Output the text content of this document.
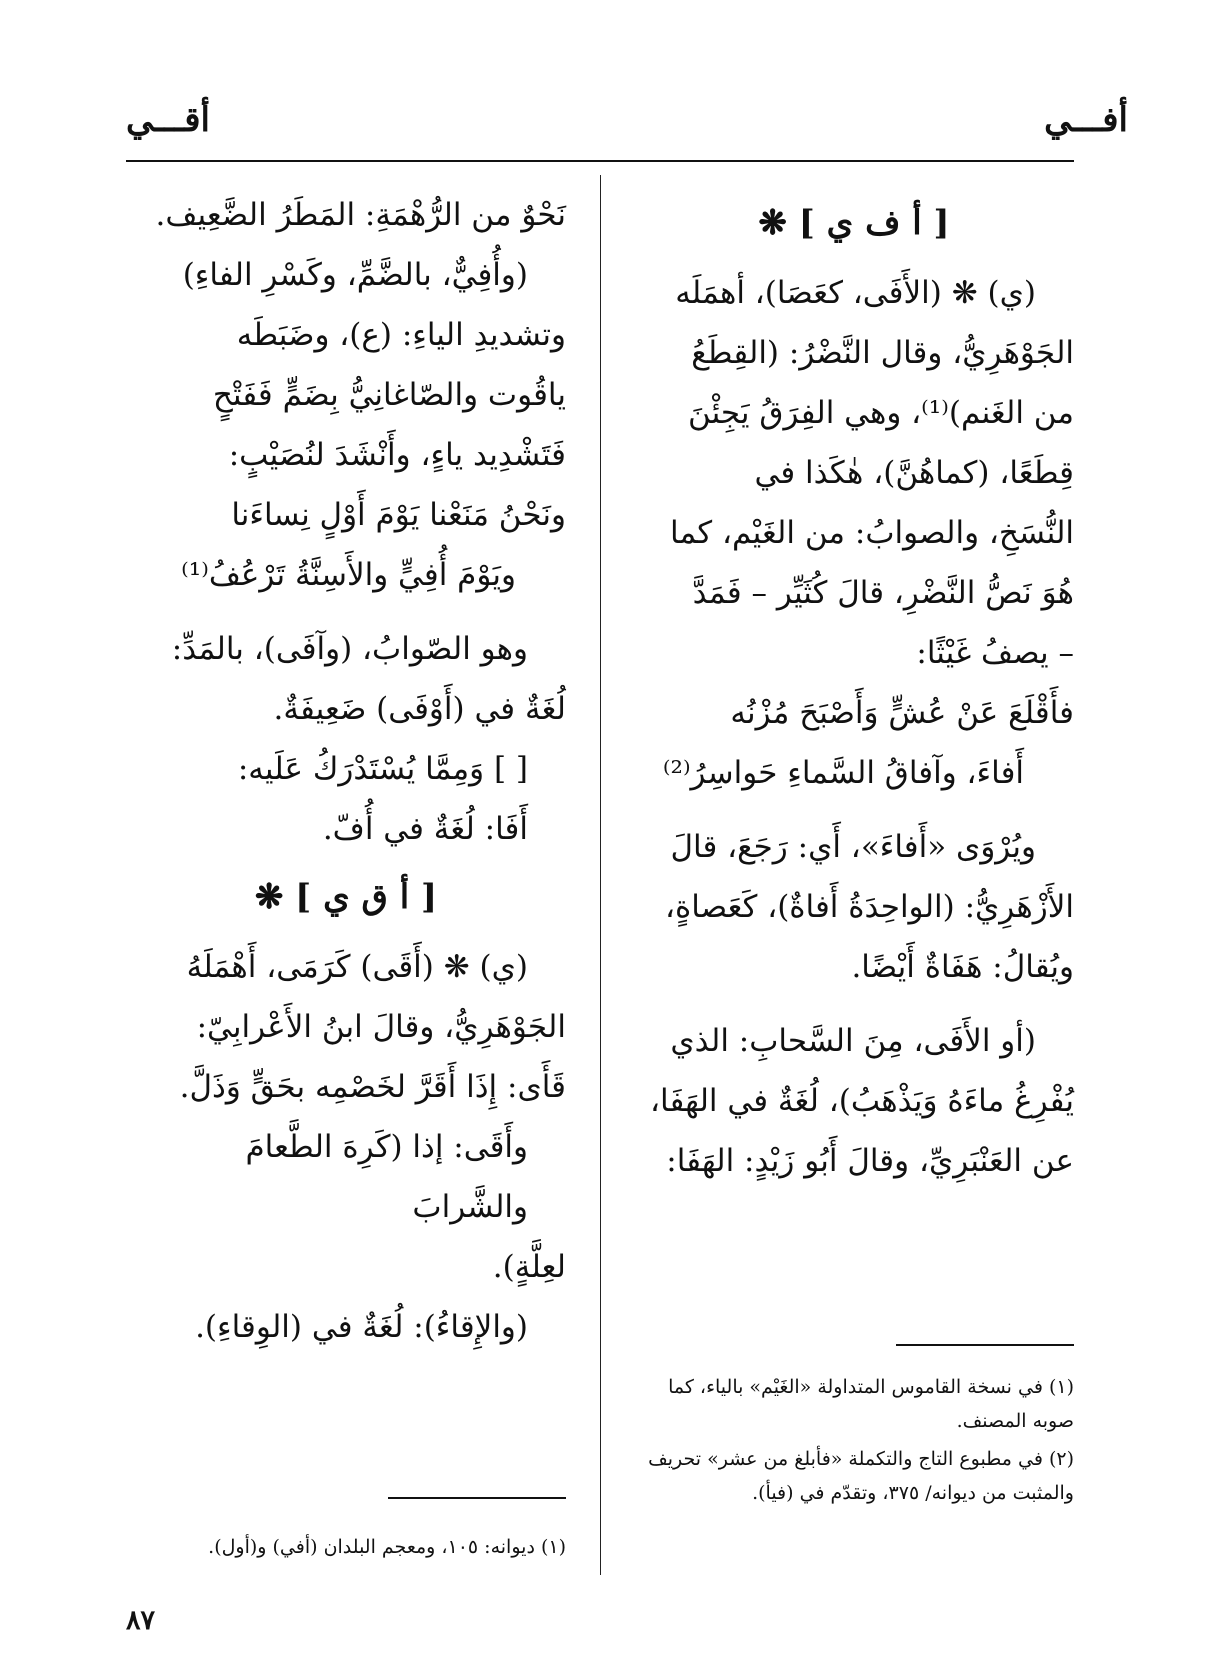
أفـــي
أقـــي
[ أ ف ي ] ❋

(ي) ❋ (الأَفَى، كعَصَا)، أهمَلَه

الجَوْهَرِيُّ، وقال النَّضْرُ: (القِطَعُ

من الغَنم)⁽¹⁾، وهي الفِرَقُ يَجِئْنَ

قِطَعًا، (كماهُنَّ)، هٰكَذا في

النُّسَخِ، والصوابُ: من الغَيْم، كما

هُوَ نَصُّ النَّضْرِ، قالَ كُثَيِّر – فَمَدَّ

– يصفُ غَيْثًا:

فأَقْلَعَ عَنْ عُشٍّ وَأَصْبَحَ مُزْنُه

أَفاءَ، وآفاقُ السَّماءِ حَواسِرُ⁽²⁾

ويُرْوَى «أَفاءَ»، أَي: رَجَعَ، قالَ

الأَزْهَرِيُّ: (الواحِدَةُ أَفاةٌ)، كَعَصاةٍ،

ويُقالُ: هَفَاةٌ أَيْضًا.

(أو الأَفَى، مِنَ السَّحابِ: الذي

يُفْرِغُ ماءَهُ وَيَذْهَبُ)، لُغَةٌ في الهَفَا،

عن العَنْبَرِيِّ، وقالَ أَبُو زَيْدٍ: الهَفَا:

(١) في نسخة القاموس المتداولة «الغَيْم» بالياء، كما صوبه المصنف.

(٢) في مطبوع التاج والتكملة «فأبلغ من عشر» تحريف والمثبت من ديوانه/ ٣٧٥، وتقدّم في (فيأ).

نَحْوٌ من الرُّهْمَةِ: المَطَرُ الضَّعِيف.

(وأُفِيٌّ، بالضَّمِّ، وكَسْرِ الفاءِ)

وتشديدِ الياءِ: (ع)، وضَبَطَه

ياقُوت والصّاغانِيُّ بِضَمٍّ فَفَتْحٍ

فَتَشْدِيد ياءٍ، وأَنْشَدَ لنُصَيْبٍ:

ونَحْنُ مَنَعْنا يَوْمَ أَوْلٍ نِساءَنا

ويَوْمَ أُفِيٍّ والأَسِنَّةُ تَرْعُفُ⁽¹⁾

وهو الصّوابُ، (وآفَى)، بالمَدِّ:

لُغَةٌ في (أَوْفَى) ضَعِيفَةٌ.

[ ] وَمِمَّا يُسْتَدْرَكُ عَلَيه:

أَفَا: لُغَةٌ في أُفّ.

[ أ ق ي ] ❋

(ي) ❋ (أَقَى) كَرَمَى، أَهْمَلَهُ

الجَوْهَرِيُّ، وقالَ ابنُ الأَعْرابِيّ:

قَأَى: إِذَا أَقَرَّ لخَصْمِه بحَقٍّ وَذَلَّ.

وأَقَى: إذا (كَرِهَ الطَّعامَ والشَّرابَ

لعِلَّةٍ).

(والإِقاءُ): لُغَةٌ في (الوِقاءِ).

(١) ديوانه: ١٠٥، ومعجم البلدان (أفي) و(أول).

٨٧
